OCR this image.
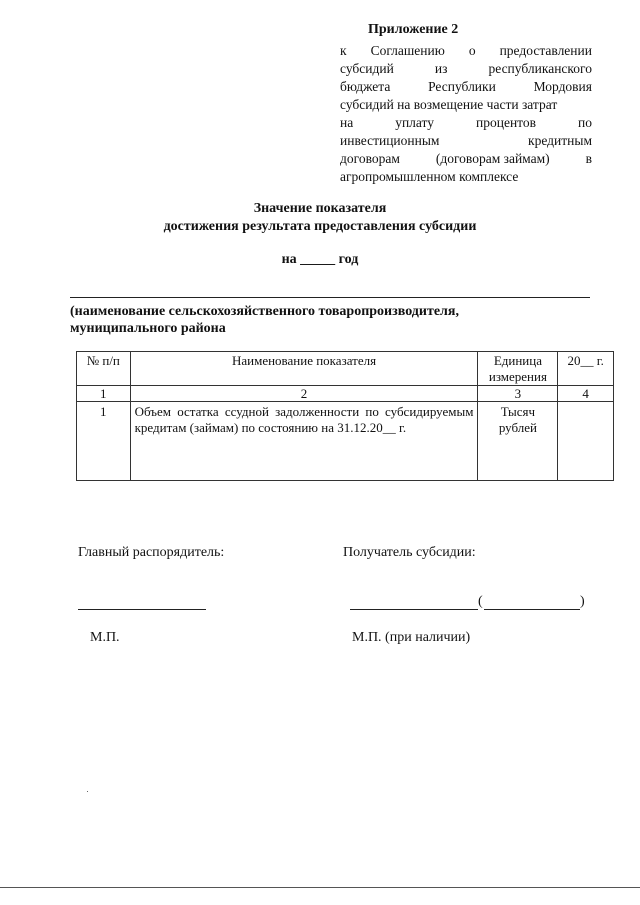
Приложение 2
к Соглашению о предоставлении
субсидий	из	республиканского
бюджета	Республики	Мордовия
субсидий на возмещение части затрат
на	уплату	процентов	по
инвестиционным	кредитным
договорам	(договорам займам)	в
агропромышленном комплексе
Значение показателя
достижения результата предоставления субсидии
на _____ год
(наименование сельскохозяйственного товаропроизводителя,
муниципального района
№ п/п	Наименование показателя	Единица измерения	20__ г.
1	2	3	4
1	Объем остатка ссудной задолженности по субсидируемым кредитам (займам) по состоянию на 31.12.20__ г.	Тысяч рублей	
Главный распорядитель:	Получатель субсидии:
(	)
М.П.	М.П. (при наличии)
